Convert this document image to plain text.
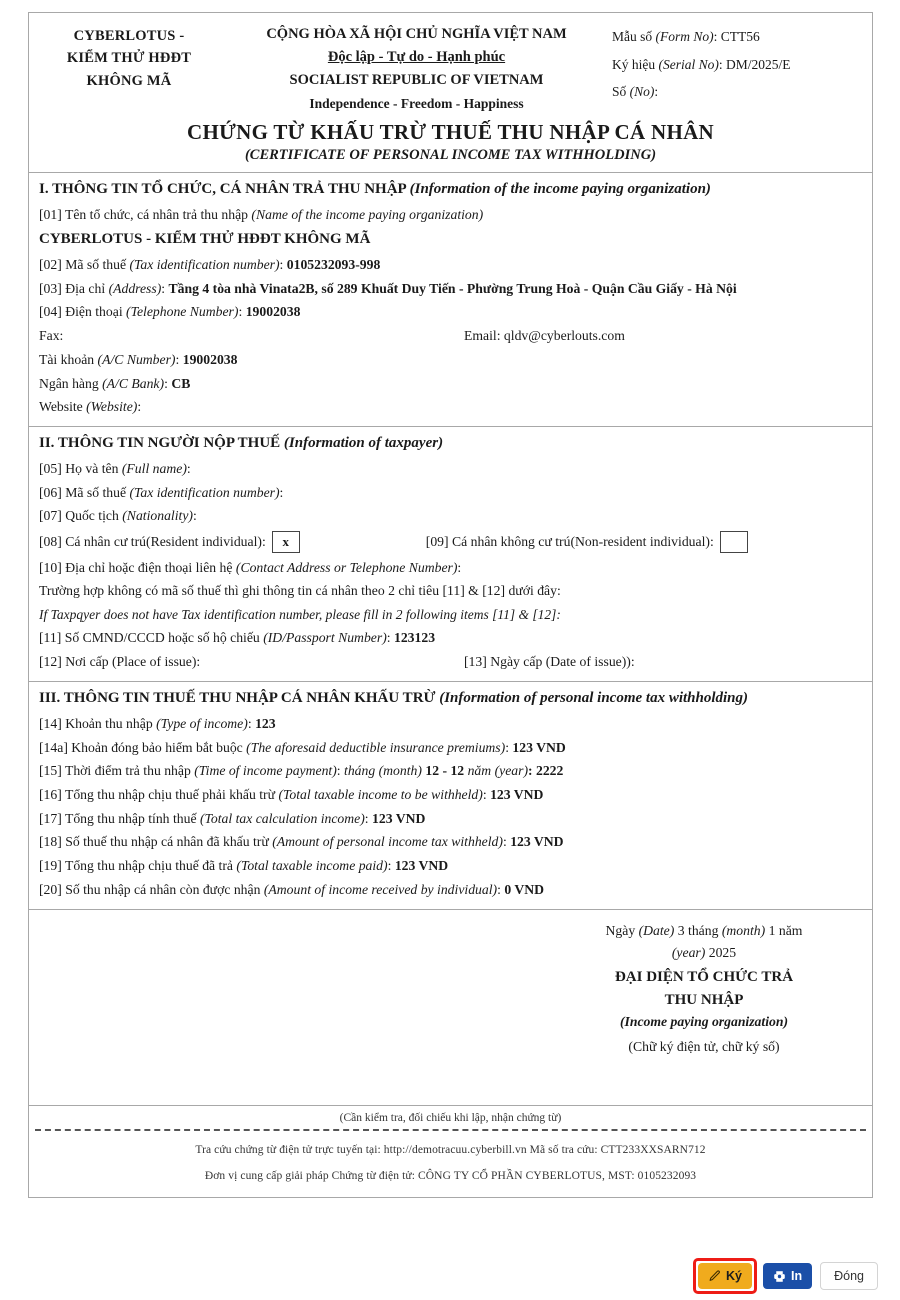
CYBERLOTUS -
KIỂM THỬ HĐĐT
KHÔNG MÃ
CỘNG HÒA XÃ HỘI CHỦ NGHĨA VIỆT NAM
Độc lập - Tự do - Hạnh phúc
SOCIALIST REPUBLIC OF VIETNAM
Independence - Freedom - Happiness
Mẫu số (Form No): CTT56
Ký hiệu (Serial No): DM/2025/E
Số (No):
CHỨNG TỪ KHẤU TRỪ THUẾ THU NHẬP CÁ NHÂN
(CERTIFICATE OF PERSONAL INCOME TAX WITHHOLDING)
I. THÔNG TIN TỔ CHỨC, CÁ NHÂN TRẢ THU NHẬP (Information of the income paying organization)
[01] Tên tổ chức, cá nhân trả thu nhập (Name of the income paying organization)
CYBERLOTUS - KIỂM THỬ HĐĐT KHÔNG MÃ
[02] Mã số thuế (Tax identification number): 0105232093-998
[03] Địa chỉ (Address): Tầng 4 tòa nhà Vinata2B, số 289 Khuất Duy Tiến - Phường Trung Hoà - Quận Cầu Giấy - Hà Nội
[04] Điện thoại (Telephone Number): 19002038
Fax:	Email: qldv@cyberlouts.com
Tài khoản (A/C Number): 19002038
Ngân hàng (A/C Bank): CB
Website (Website):
II. THÔNG TIN NGƯỜI NỘP THUẾ (Information of taxpayer)
[05] Họ và tên (Full name):
[06] Mã số thuế (Tax identification number):
[07] Quốc tịch (Nationality):
[08] Cá nhân cư trú (Resident individual) :	x	[09] Cá nhân không cư trú (Non-resident individual) :
[10] Địa chỉ hoặc điện thoại liên hệ (Contact Address or Telephone Number):
Trường hợp không có mã số thuế thì ghi thông tin cá nhân theo 2 chỉ tiêu [11] & [12] dưới đây:
If Taxpqyer does not have Tax identification number, please fill in 2 following items [11] & [12]:
[11] Số CMND/CCCD hoặc số hộ chiếu (ID/Passport Number): 123123
[12] Nơi cấp (Place of issue):	[13] Ngày cấp (Date of issue)):
III. THÔNG TIN THUẾ THU NHẬP CÁ NHÂN KHẤU TRỪ (Information of personal income tax withholding)
[14] Khoản thu nhập (Type of income): 123
[14a] Khoản đóng bảo hiểm bắt buộc (The aforesaid deductible insurance premiums): 123 VND
[15] Thời điểm trả thu nhập (Time of income payment): tháng (month) 12 - 12 năm (year): 2222
[16] Tổng thu nhập chịu thuế phải khấu trừ (Total taxable income to be withheld): 123 VND
[17] Tổng thu nhập tính thuế (Total tax calculation income): 123 VND
[18] Số thuế thu nhập cá nhân đã khấu trừ (Amount of personal income tax withheld): 123 VND
[19] Tổng thu nhập chịu thuế đã trả (Total taxable income paid): 123 VND
[20] Số thu nhập cá nhân còn được nhận (Amount of income received by individual): 0 VND
Ngày (Date) 3 tháng (month) 1 năm
(year) 2025
ĐẠI DIỆN TỔ CHỨC TRẢ
THU NHẬP
(Income paying organization)
(Chữ ký điện tử, chữ ký số)
(Cần kiểm tra, đối chiếu khi lập, nhận chứng từ)
Tra cứu chứng từ điện tử trực tuyến tại: http://demotracuu.cyberbill.vn Mã số tra cứu: CTT233XXSARN712
Đơn vị cung cấp giải pháp Chứng từ điện tử: CÔNG TY CỔ PHẦN CYBERLOTUS, MST: 0105232093
Ký	In	Đóng
